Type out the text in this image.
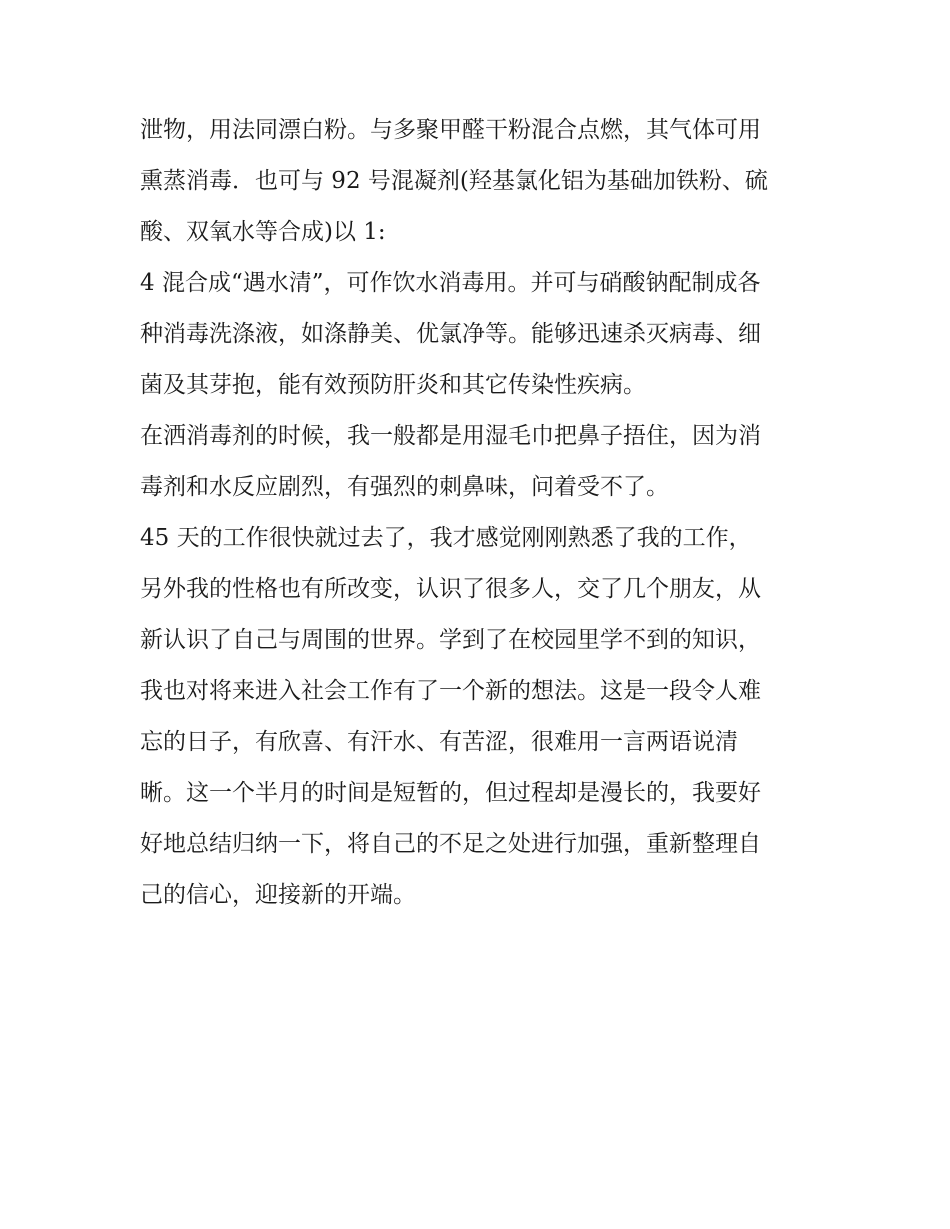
泄物，用法同漂白粉。与多聚甲醛干粉混合点燃，其气体可用
熏蒸消毒．也可与 92 号混凝剂(羟基氯化铝为基础加铁粉、硫
酸、双氧水等合成)以 1:
4 混合成“遇水清”，可作饮水消毒用。并可与硝酸钠配制成各
种消毒洗涤液，如涤静美、优氯净等。能够迅速杀灭病毒、细
菌及其芽抱，能有效预防肝炎和其它传染性疾病。
在洒消毒剂的时候，我一般都是用湿毛巾把鼻子捂住，因为消
毒剂和水反应剧烈，有强烈的刺鼻味，问着受不了。
45 天的工作很快就过去了，我才感觉刚刚熟悉了我的工作，
另外我的性格也有所改变，认识了很多人，交了几个朋友，从
新认识了自己与周围的世界。学到了在校园里学不到的知识，
我也对将来进入社会工作有了一个新的想法。这是一段令人难
忘的日子，有欣喜、有汗水、有苦涩，很难用一言两语说清
晰。这一个半月的时间是短暂的，但过程却是漫长的，我要好
好地总结归纳一下，将自己的不足之处进行加强，重新整理自
己的信心，迎接新的开端。
